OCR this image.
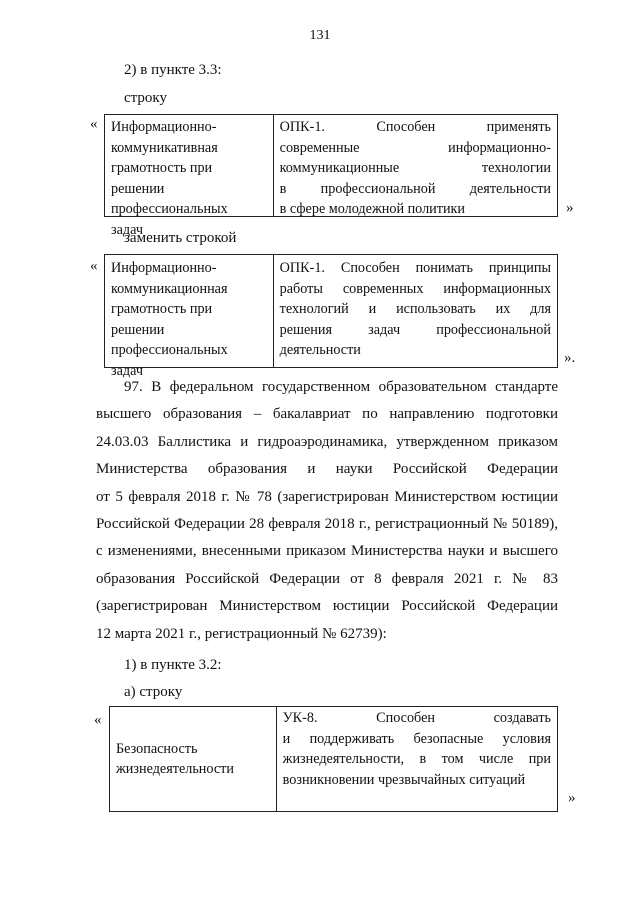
131
2) в пункте 3.3:
строку
« Информационно-
коммуникативная
грамотность при
решении
профессиональных
задач
ОПК-1. Способен применять
современные информационно-
коммуникационные технологии
в профессиональной деятельности
в сфере молодежной политики	»
заменить строкой
« Информационно-
коммуникационная
грамотность при
решении
профессиональных
задач
ОПК-1. Способен понимать принципы
работы современных информационных
технологий и использовать их для
решения задач профессиональной
деятельности	».
97. В федеральном государственном образовательном стандарте
высшего образования – бакалавриат по направлению подготовки
24.03.03 Баллистика и гидроаэродинамика, утвержденном приказом
Министерства образования и науки Российской Федерации
от 5 февраля 2018 г. № 78 (зарегистрирован Министерством юстиции
Российской Федерации 28 февраля 2018 г., регистрационный № 50189),
с изменениями, внесенными приказом Министерства науки и высшего
образования Российской Федерации от 8 февраля 2021 г. № 83
(зарегистрирован Министерством юстиции Российской Федерации
12 марта 2021 г., регистрационный № 62739):
1) в пункте 3.2:
а) строку
«
Безопасность
жизнедеятельности
УК-8. Способен создавать
и поддерживать безопасные условия
жизнедеятельности, в том числе при
возникновении чрезвычайных ситуаций
»
